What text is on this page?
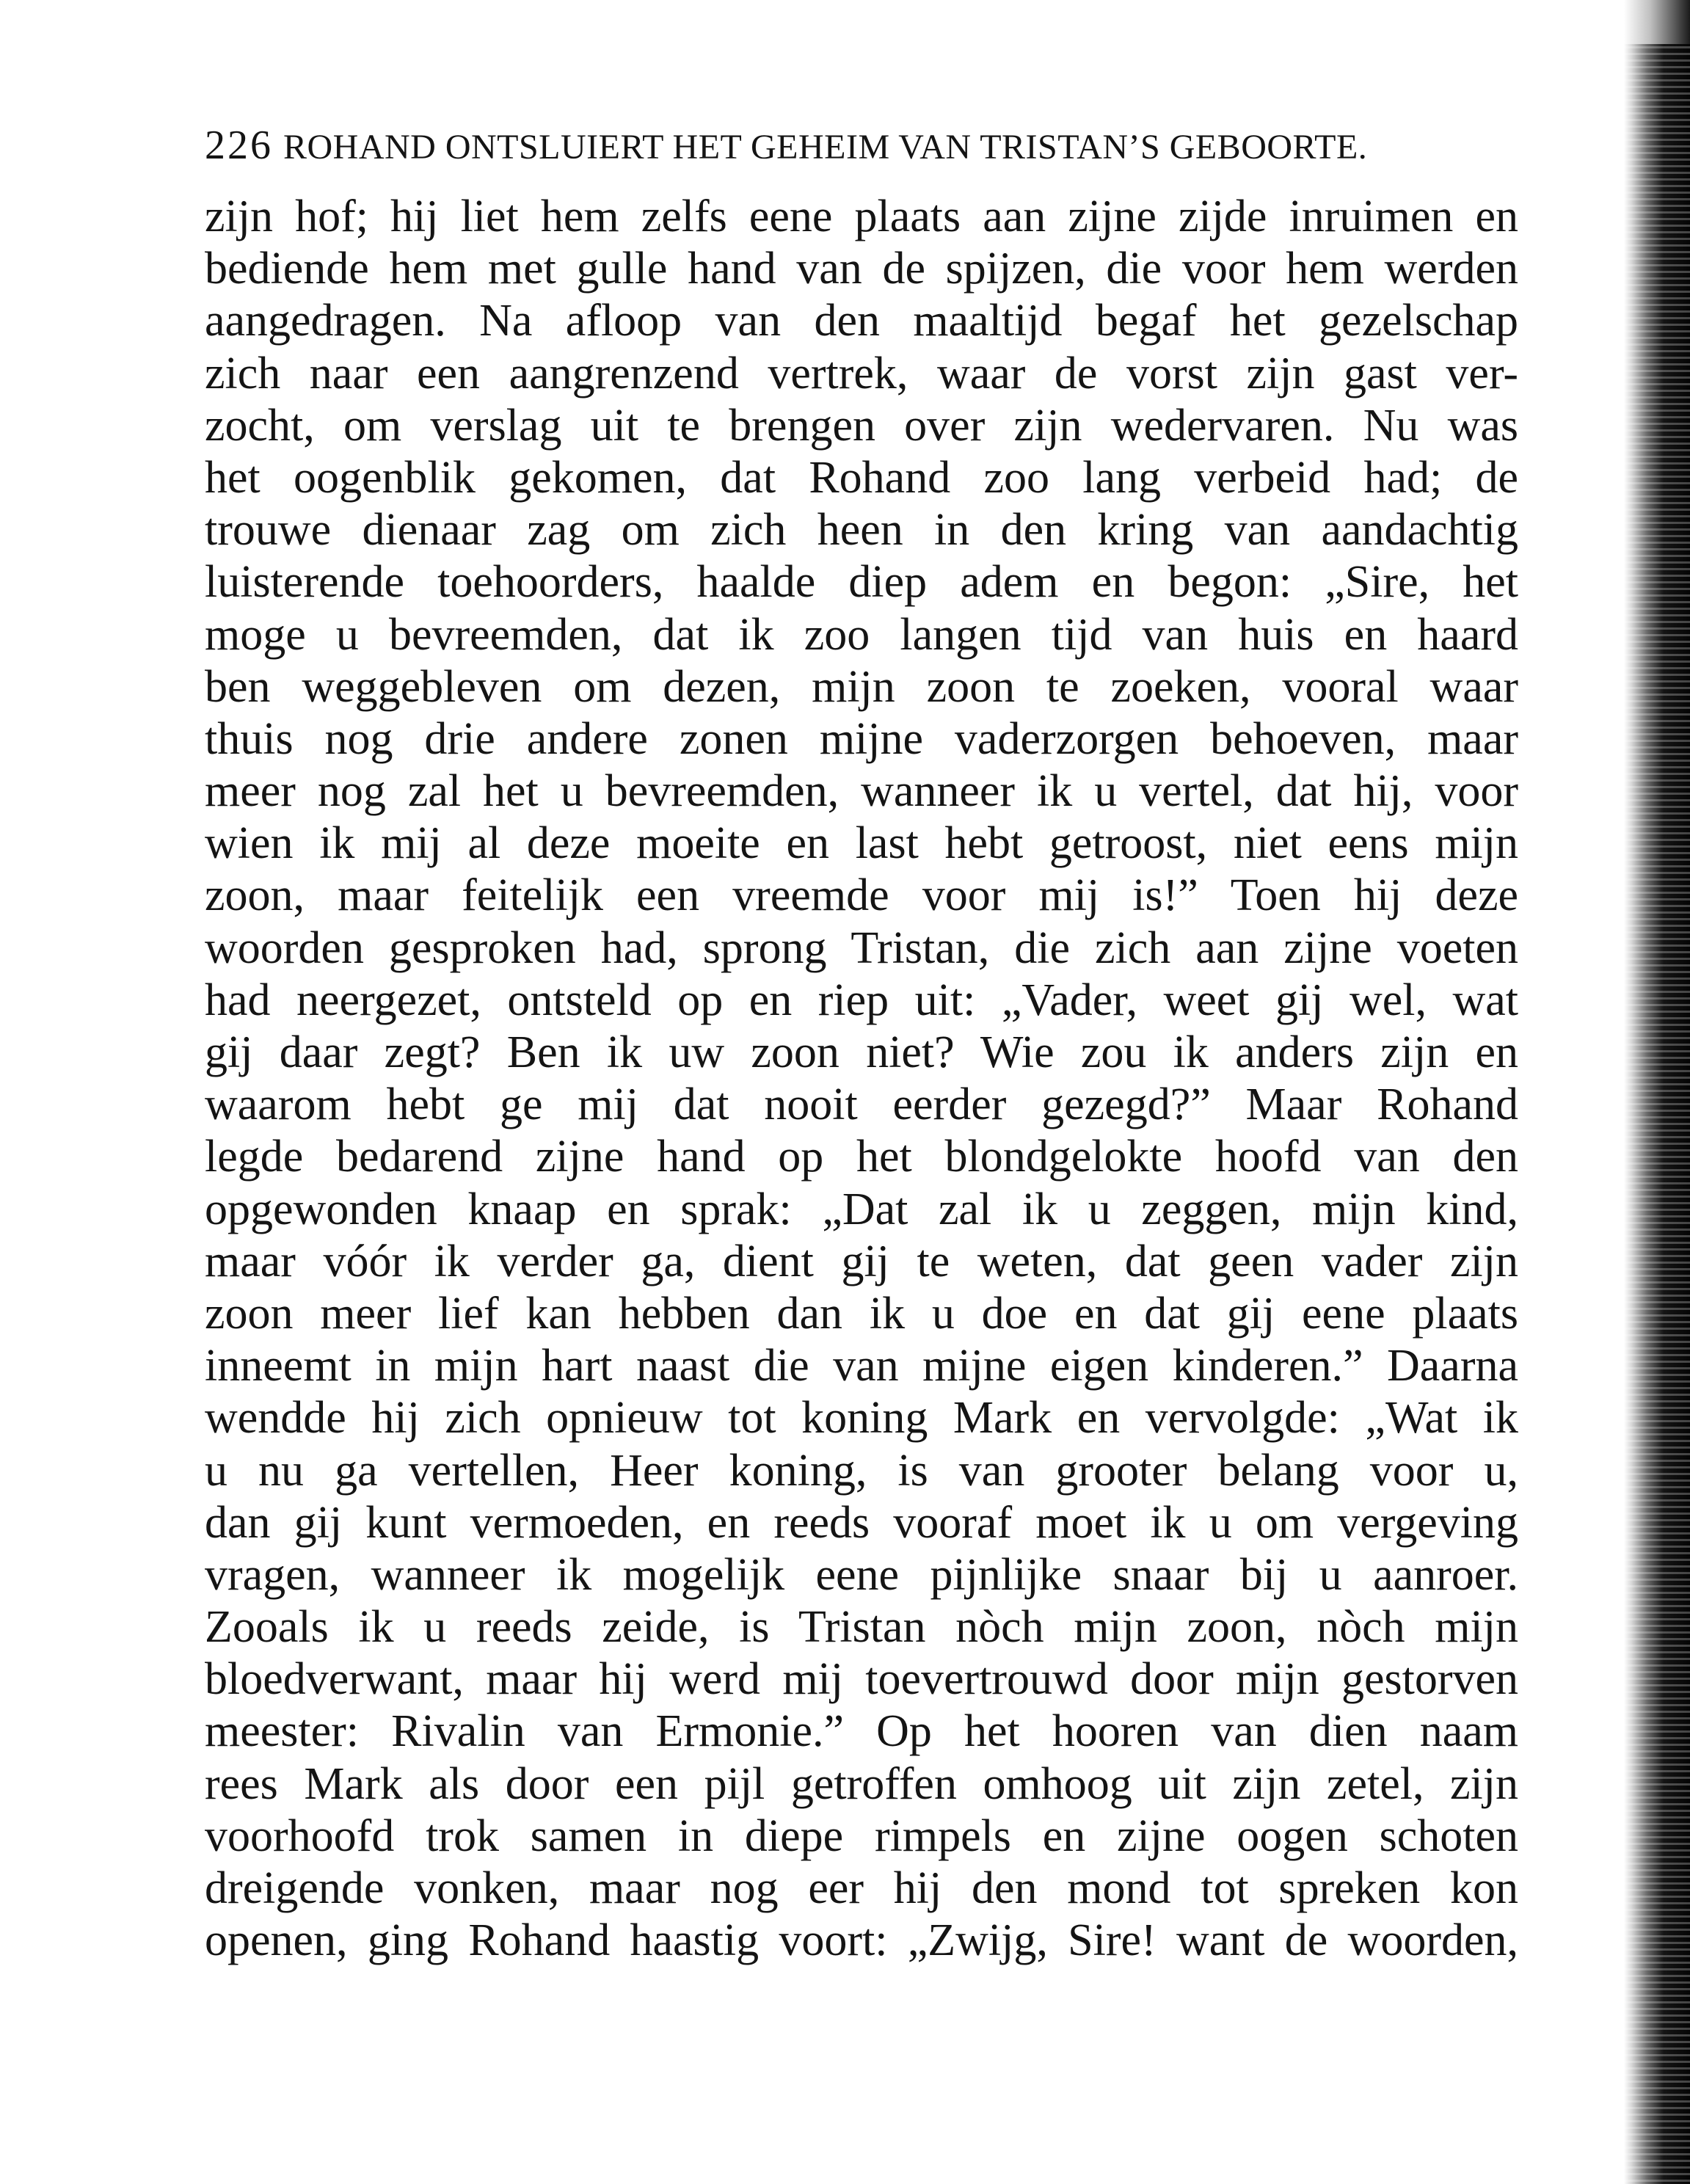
226 ROHAND ONTSLUIERT HET GEHEIM VAN TRISTAN’S GEBOORTE.
zijn hof; hij liet hem zelfs eene plaats aan zijne zijde inruimen en
bediende hem met gulle hand van de spijzen, die voor hem werden
aangedragen. Na afloop van den maaltijd begaf het gezelschap
zich naar een aangrenzend vertrek, waar de vorst zijn gast ver-
zocht, om verslag uit te brengen over zijn wedervaren. Nu was
het oogenblik gekomen, dat Rohand zoo lang verbeid had; de
trouwe dienaar zag om zich heen in den kring van aandachtig
luisterende toehoorders, haalde diep adem en begon: „Sire, het
moge u bevreemden, dat ik zoo langen tijd van huis en haard
ben weggebleven om dezen, mijn zoon te zoeken, vooral waar
thuis nog drie andere zonen mijne vaderzorgen behoeven, maar
meer nog zal het u bevreemden, wanneer ik u vertel, dat hij, voor
wien ik mij al deze moeite en last hebt getroost, niet eens mijn
zoon, maar feitelijk een vreemde voor mij is!” Toen hij deze
woorden gesproken had, sprong Tristan, die zich aan zijne voeten
had neergezet, ontsteld op en riep uit: „Vader, weet gij wel, wat
gij daar zegt? Ben ik uw zoon niet? Wie zou ik anders zijn en
waarom hebt ge mij dat nooit eerder gezegd?” Maar Rohand
legde bedarend zijne hand op het blondgelokte hoofd van den
opgewonden knaap en sprak: „Dat zal ik u zeggen, mijn kind,
maar vóór ik verder ga, dient gij te weten, dat geen vader zijn
zoon meer lief kan hebben dan ik u doe en dat gij eene plaats
inneemt in mijn hart naast die van mijne eigen kinderen.” Daarna
wendde hij zich opnieuw tot koning Mark en vervolgde: „Wat ik
u nu ga vertellen, Heer koning, is van grooter belang voor u,
dan gij kunt vermoeden, en reeds vooraf moet ik u om vergeving
vragen, wanneer ik mogelijk eene pijnlijke snaar bij u aanroer.
Zooals ik u reeds zeide, is Tristan nòch mijn zoon, nòch mijn
bloedverwant, maar hij werd mij toevertrouwd door mijn gestorven
meester: Rivalin van Ermonie.” Op het hooren van dien naam
rees Mark als door een pijl getroffen omhoog uit zijn zetel, zijn
voorhoofd trok samen in diepe rimpels en zijne oogen schoten
dreigende vonken, maar nog eer hij den mond tot spreken kon
openen, ging Rohand haastig voort: „Zwijg, Sire! want de woorden,
